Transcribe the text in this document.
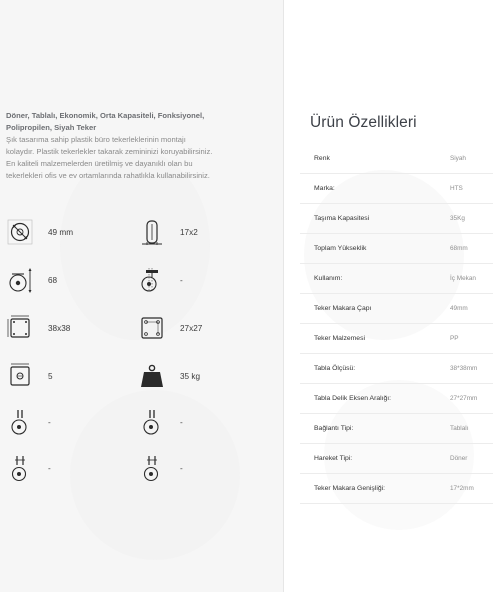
Döner, Tablalı, Ekonomik, Orta Kapasiteli, Fonksiyonel,

Polipropilen, Siyah Teker

Şık tasarıma sahip plastik büro tekerleklerinin montajı

kolaydır. Plastik tekerlekler takarak zemininizi koruyabilirsiniz.

En kaliteli malzemelerden üretilmiş ve dayanıklı olan bu

tekerlekleri ofis ve ev ortamlarında rahatlıkla kullanabilirsiniz.

49 mm	17x2
68	-
38x38	27x27
5	35 kg
-	-
-	-
Ürün Özellikleri
Renk	Siyah
Marka:	HTS
Taşıma Kapasitesi	35Kg
Toplam Yükseklik	68mm
Kullanım:	İç Mekan
Teker Makara Çapı	49mm
Teker Malzemesi	PP
Tabla Ölçüsü:	38*38mm
Tabla Delik Eksen Aralığı:	27*27mm
Bağlantı Tipi:	Tablalı
Hareket Tipi:	Döner
Teker Makara Genişliği:	17*2mm
